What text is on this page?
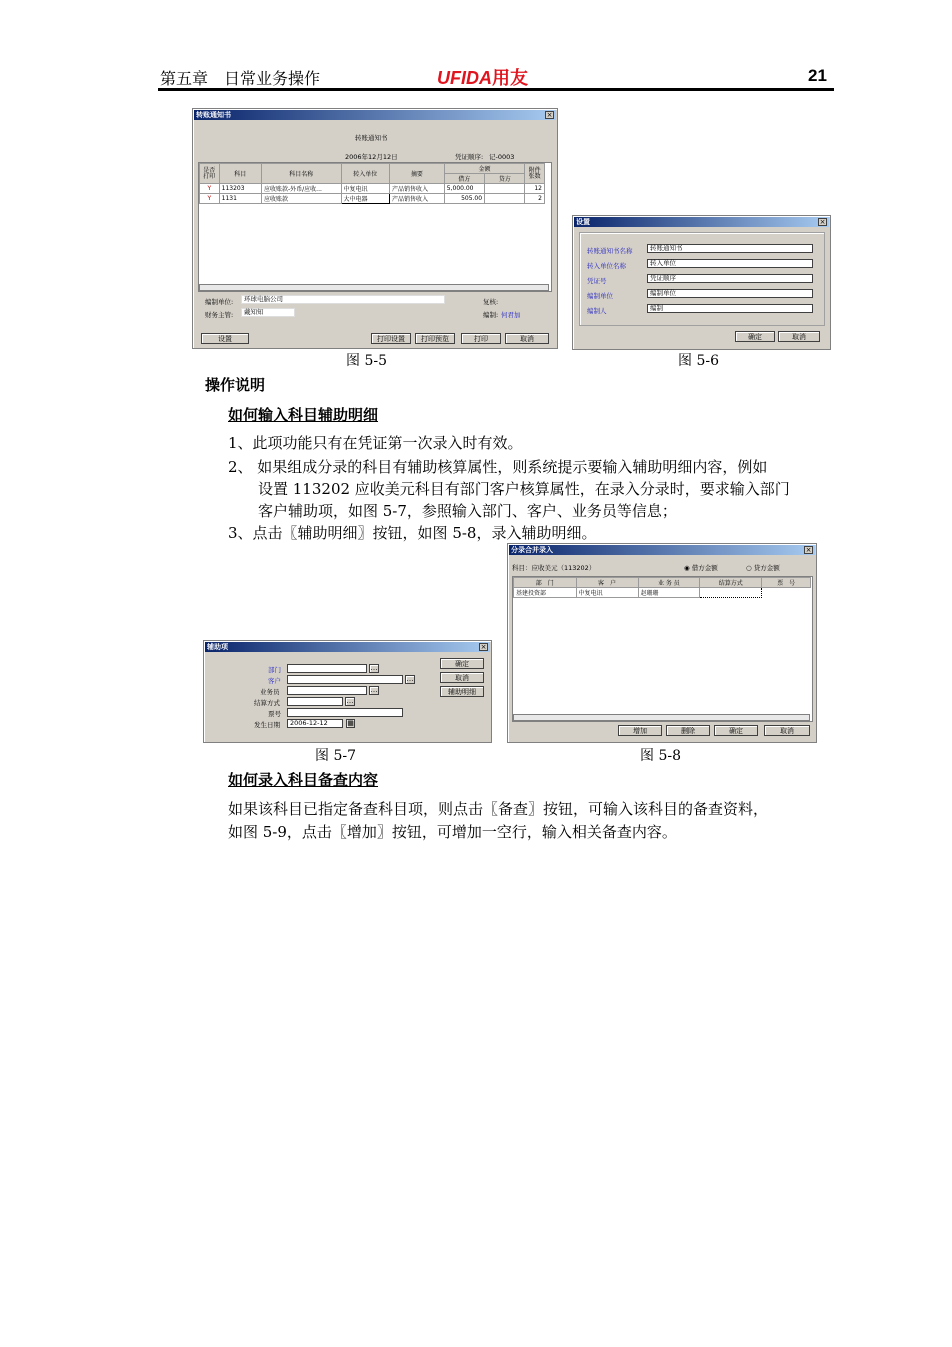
第五章　日常业务操作	UFIDA用友	21
转账通知书	×
转账通知书
2006年12月12日	凭证顺序: 记-0003
是否打印	科目	科目名称	转入单位	摘要	金额		附件张数
					借方	贷方	
Y	113203	应收账款-外币/应收...	中复电讯	产品销售收入	5,000.00		12
Y	1131	应收账款	大中电器	产品销售收入	505.00		2
编制单位:	环球电脑公司
财务主管:	戴知知
复核:
编制: 何君加
设置	打印设置	打印预览	打印	取消
设置	×
转账通知书名称	转账通知书
转入单位名称	转入单位
凭证号	凭证顺序
编制单位	编制单位
编制人	编制
确定	取消
图 5-5	图 5-6
操作说明
如何输入科目辅助明细
1、此项功能只有在凭证第一次录入时有效。
2、 如果组成分录的科目有辅助核算属性，则系统提示要输入辅助明细内容，例如
设置 113202 应收美元科目有部门客户核算属性，在录入分录时，要求输入部门
客户辅助项，如图 5-7，参照输入部门、客户、业务员等信息；
3、点击〖辅助明细〗按钮，如图 5-8，录入辅助明细。
辅助项	×
部门	…
客户	…
业务员	…
结算方式	…
票号
发生日期	2006-12-12	▦
确定
取消
辅助明细
分录合并录入	×
科目：应收美元（113202）	◉ 借方金额	○ 贷方金额
部　门	客　户	业 务 员	结算方式	票　号
基建投资部	中复电讯	赵珊珊		
增加	删除	确定	取消
图 5-7	图 5-8
如何录入科目备查内容
如果该科目已指定备查科目项，则点击〖备查〗按钮，可输入该科目的备查资料，
如图 5-9，点击〖增加〗按钮，可增加一空行，输入相关备查内容。
